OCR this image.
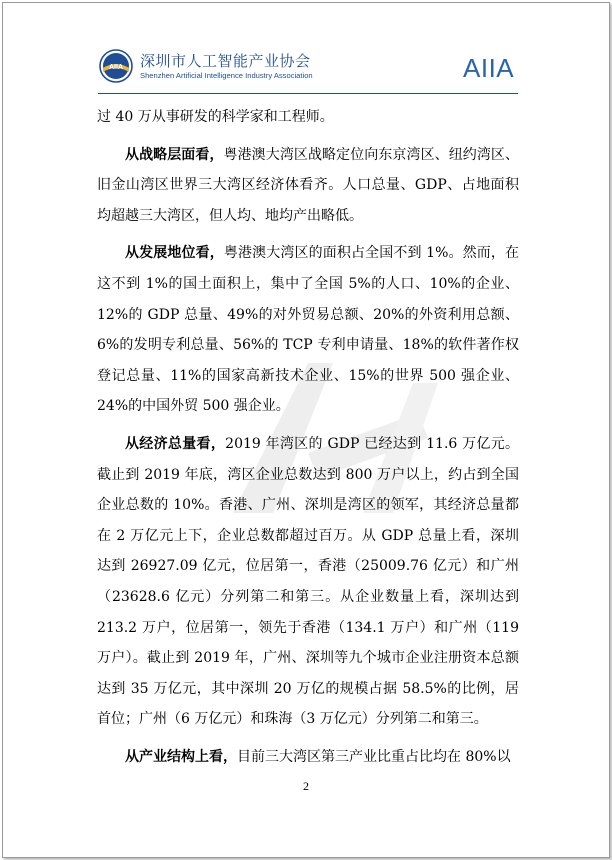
AIIA 深圳市人工智能产业协会
Shenzhen Artificial Intelligence Industry Association	AIIA

过 40 万从事研发的科学家和工程师。

从战略层面看，粤港澳大湾区战略定位向东京湾区、纽约湾区、旧金山湾区世界三大湾区经济体看齐。人口总量、GDP、占地面积均超越三大湾区，但人均、地均产出略低。

从发展地位看，粤港澳大湾区的面积占全国不到 1%。然而，在这不到 1%的国土面积上，集中了全国 5%的人口、10%的企业、12%的 GDP 总量、49%的对外贸易总额、20%的外资利用总额、6%的发明专利总量、56%的 TCP 专利申请量、18%的软件著作权登记总量、11%的国家高新技术企业、15%的世界 500 强企业、24%的中国外贸 500 强企业。

从经济总量看，2019 年湾区的 GDP 已经达到 11.6 万亿元。截止到 2019 年底，湾区企业总数达到 800 万户以上，约占到全国企业总数的 10%。香港、广州、深圳是湾区的领军，其经济总量都在 2 万亿元上下，企业总数都超过百万。从 GDP 总量上看，深圳达到 26927.09 亿元，位居第一，香港（25009.76 亿元）和广州（23628.6 亿元）分列第二和第三。从企业数量上看，深圳达到 213.2 万户，位居第一，领先于香港（134.1 万户）和广州（119 万户）。截止到 2019 年，广州、深圳等九个城市企业注册资本总额达到 35 万亿元，其中深圳 20 万亿的规模占据 58.5%的比例，居首位；广州（6 万亿元）和珠海（3 万亿元）分列第二和第三。

从产业结构上看，目前三大湾区第三产业比重占比均在 80%以

2
